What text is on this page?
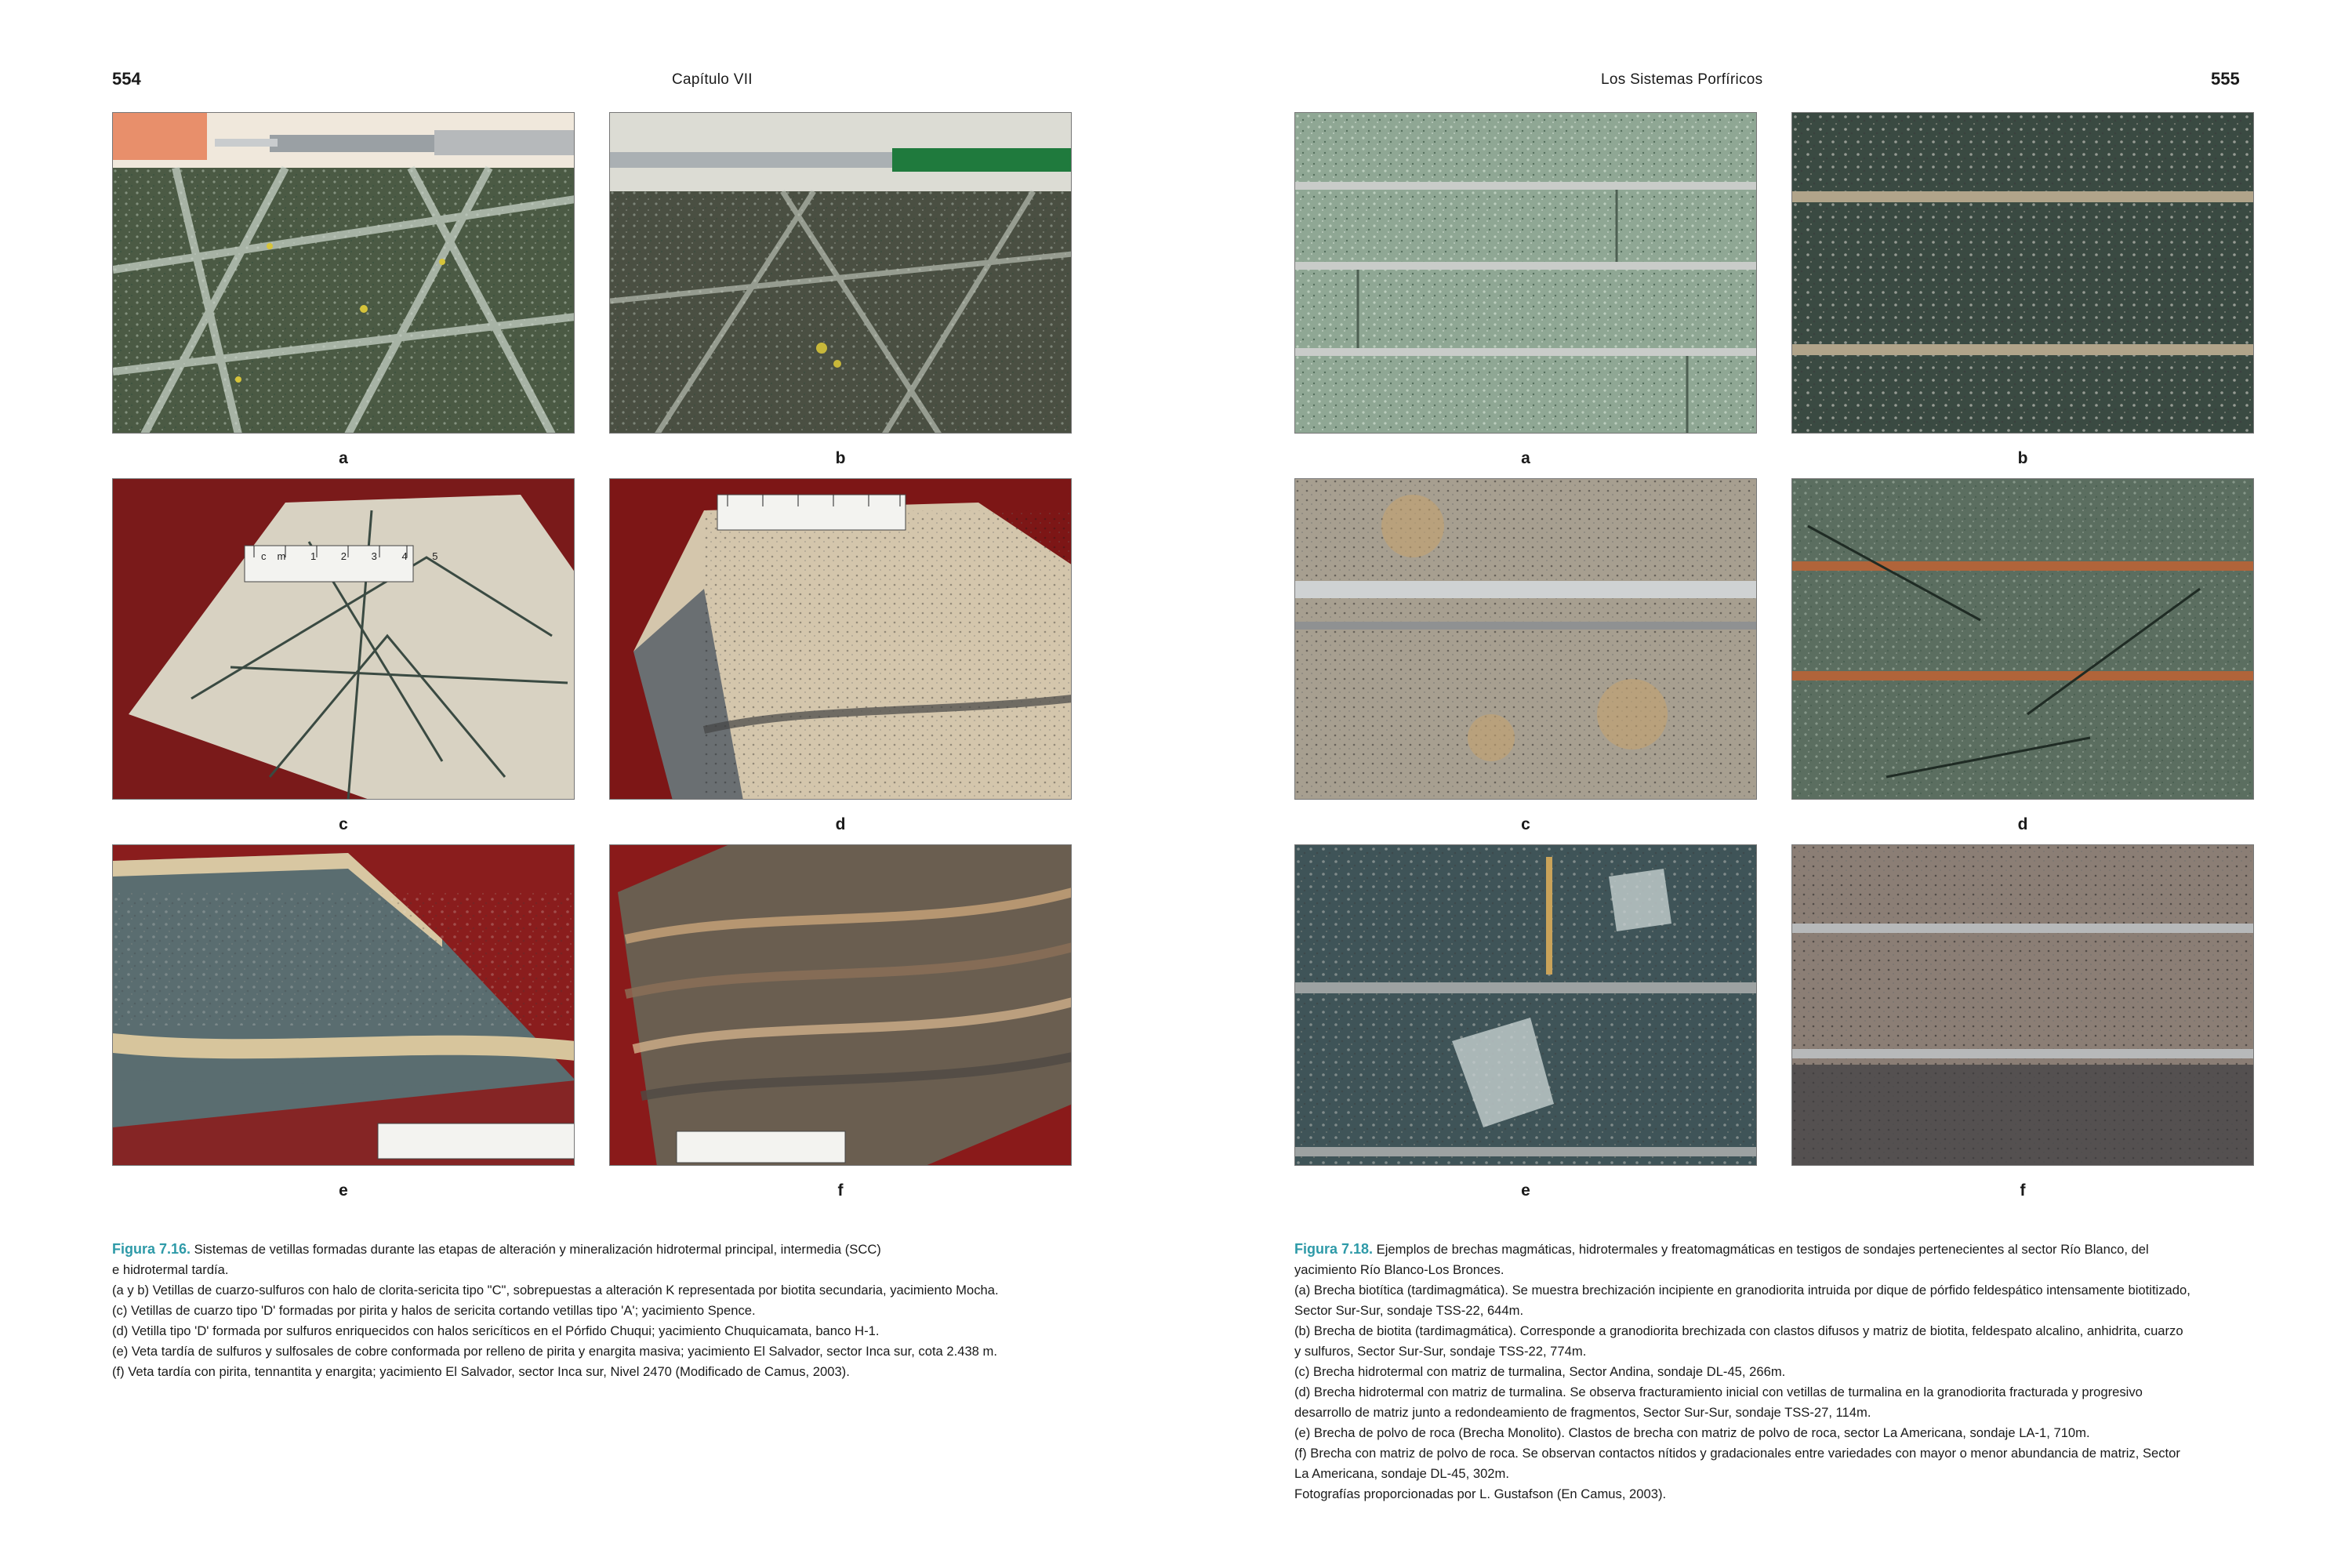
554	Capítulo VII	Los Sistemas Porfíricos	555
a	b
c	d
e	f
a	b
c	d
e	f

Figura 7.16. Sistemas de vetillas formadas durante las etapas de alteración y mineralización hidrotermal principal, intermedia (SCC)

e hidrotermal tardía.

(a y b) Vetillas de cuarzo-sulfuros con halo de clorita-sericita tipo "C", sobrepuestas a alteración K representada por biotita secundaria, yacimiento Mocha.

(c) Vetillas de cuarzo tipo 'D' formadas por pirita y halos de sericita cortando vetillas tipo 'A'; yacimiento Spence.

(d) Vetilla tipo 'D' formada por sulfuros enriquecidos con halos sericíticos en el Pórfido Chuqui; yacimiento Chuquicamata, banco H-1.

(e) Veta tardía de sulfuros y sulfosales de cobre conformada por relleno de pirita y enargita masiva; yacimiento El Salvador, sector Inca sur, cota 2.438 m.

(f) Veta tardía con pirita, tennantita y enargita; yacimiento El Salvador, sector Inca sur, Nivel 2470 (Modificado de Camus, 2003).

Figura 7.18. Ejemplos de brechas magmáticas, hidrotermales y freatomagmáticas en testigos de sondajes pertenecientes al sector Río Blanco, del

yacimiento Río Blanco-Los Bronces.

(a) Brecha biotítica (tardimagmática). Se muestra brechización incipiente en granodiorita intruida por dique de pórfido feldespático intensamente biotitizado,

Sector Sur-Sur, sondaje TSS-22, 644m.

(b) Brecha de biotita (tardimagmática). Corresponde a granodiorita brechizada con clastos difusos y matriz de biotita, feldespato alcalino, anhidrita, cuarzo

y sulfuros, Sector Sur-Sur, sondaje TSS-22, 774m.

(c) Brecha hidrotermal con matriz de turmalina, Sector Andina, sondaje DL-45, 266m.

(d) Brecha hidrotermal con matriz de turmalina. Se observa fracturamiento inicial con vetillas de turmalina en la granodiorita fracturada y progresivo

desarrollo de matriz junto a redondeamiento de fragmentos, Sector Sur-Sur, sondaje TSS-27, 114m.

(e) Brecha de polvo de roca (Brecha Monolito). Clastos de brecha con matriz de polvo de roca, sector La Americana, sondaje LA-1, 710m.

(f) Brecha con matriz de polvo de roca. Se observan contactos nítidos y gradacionales entre variedades con mayor o menor abundancia de matriz, Sector

La Americana, sondaje DL-45, 302m.

Fotografías proporcionadas por L. Gustafson (En Camus, 2003).

cm 1 2 3 4 5
